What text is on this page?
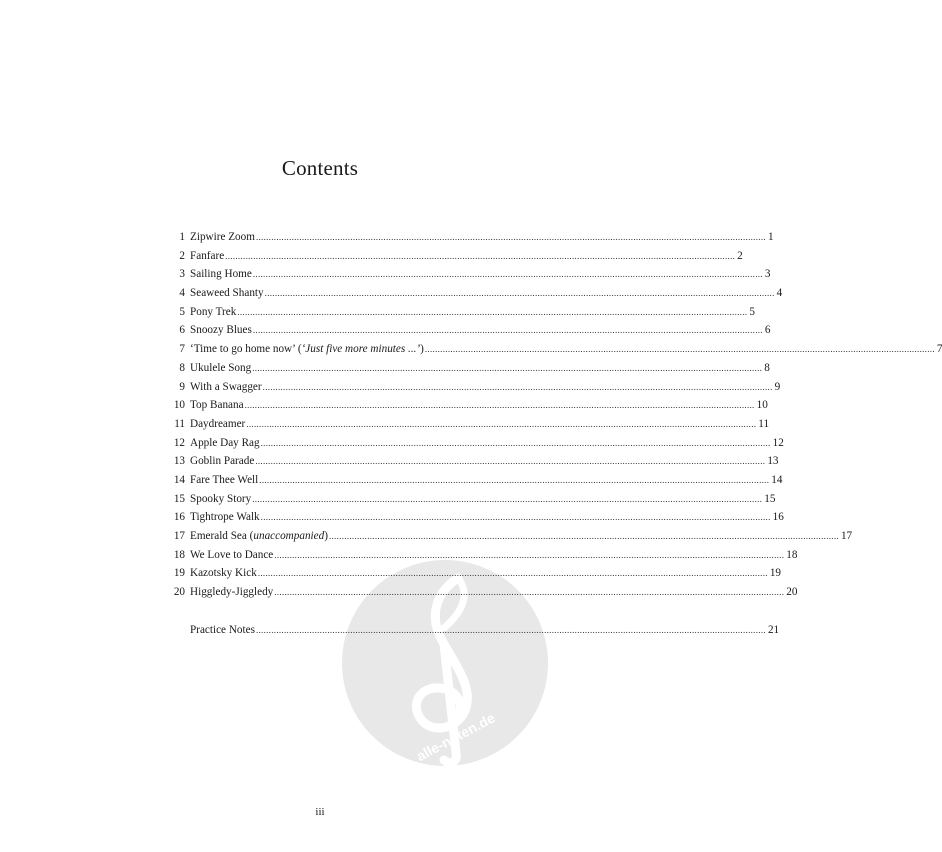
alle-noten.de
Contents
1 Zipwire Zoom ........................................................................................................................................................................................................ 1
2 Fanfare ........................................................................................................................................................................................................ 2
3 Sailing Home ........................................................................................................................................................................................................ 3
4 Seaweed Shanty ........................................................................................................................................................................................................ 4
5 Pony Trek ........................................................................................................................................................................................................ 5
6 Snoozy Blues ........................................................................................................................................................................................................ 6
7 ‘Time to go home now’ (‘Just five more minutes ...’) ........................................................................................................................................................................................................ 7
8 Ukulele Song ........................................................................................................................................................................................................ 8
9 With a Swagger ........................................................................................................................................................................................................ 9
10 Top Banana ........................................................................................................................................................................................................ 10
11 Daydreamer ........................................................................................................................................................................................................ 11
12 Apple Day Rag ........................................................................................................................................................................................................ 12
13 Goblin Parade ........................................................................................................................................................................................................ 13
14 Fare Thee Well ........................................................................................................................................................................................................ 14
15 Spooky Story ........................................................................................................................................................................................................ 15
16 Tightrope Walk ........................................................................................................................................................................................................ 16
17 Emerald Sea (unaccompanied) ........................................................................................................................................................................................................ 17
18 We Love to Dance ........................................................................................................................................................................................................ 18
19 Kazotsky Kick ........................................................................................................................................................................................................ 19
20 Higgledy-Jiggledy ........................................................................................................................................................................................................ 20
Practice Notes ........................................................................................................................................................................................................ 21
iii
